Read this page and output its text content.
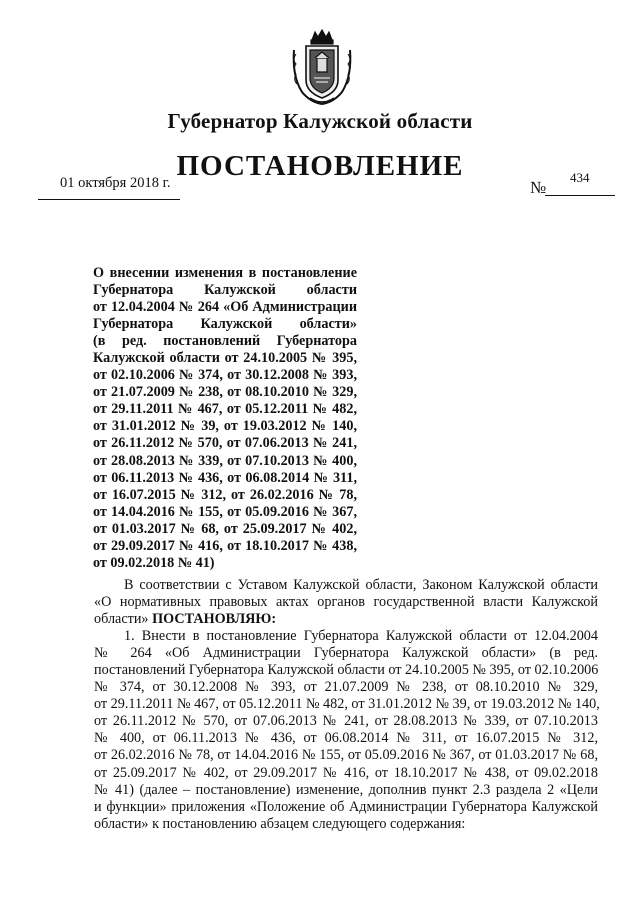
Губернатор Калужской области
ПОСТАНОВЛЕНИЕ
01 октября 2018 г.	№
434
О внесении изменения в постановление
Губернатора Калужской области
от 12.04.2004 № 264 «Об Администрации
Губернатора Калужской области»
(в ред. постановлений Губернатора
Калужской области от 24.10.2005 № 395,
от 02.10.2006 № 374, от 30.12.2008 № 393,
от 21.07.2009 № 238, от 08.10.2010 № 329,
от 29.11.2011 № 467, от 05.12.2011 № 482,
от 31.01.2012 № 39, от 19.03.2012 № 140,
от 26.11.2012 № 570, от 07.06.2013 № 241,
от 28.08.2013 № 339, от 07.10.2013 № 400,
от 06.11.2013 № 436, от 06.08.2014 № 311,
от 16.07.2015 № 312, от 26.02.2016 № 78,
от 14.04.2016 № 155, от 05.09.2016 № 367,
от 01.03.2017 № 68, от 25.09.2017 № 402,
от 29.09.2017 № 416, от 18.10.2017 № 438,
от 09.02.2018 № 41)
В соответствии с Уставом Калужской области, Законом Калужской области
«О нормативных правовых актах органов государственной власти Калужской
области» ПОСТАНОВЛЯЮ:
1. Внести в постановление Губернатора Калужской области от 12.04.2004
№ 264 «Об Администрации Губернатора Калужской области» (в ред.
постановлений Губернатора Калужской области от 24.10.2005 № 395, от 02.10.2006
№ 374, от 30.12.2008 № 393, от 21.07.2009 № 238, от 08.10.2010 № 329,
от 29.11.2011 № 467, от 05.12.2011 № 482, от 31.01.2012 № 39, от 19.03.2012 № 140,
от 26.11.2012 № 570, от 07.06.2013 № 241, от 28.08.2013 № 339, от 07.10.2013
№ 400, от 06.11.2013 № 436, от 06.08.2014 № 311, от 16.07.2015 № 312,
от 26.02.2016 № 78, от 14.04.2016 № 155, от 05.09.2016 № 367, от 01.03.2017 № 68,
от 25.09.2017 № 402, от 29.09.2017 № 416, от 18.10.2017 № 438, от 09.02.2018
№ 41) (далее – постановление) изменение, дополнив пункт 2.3 раздела 2 «Цели
и функции» приложения «Положение об Администрации Губернатора Калужской
области» к постановлению абзацем следующего содержания:
